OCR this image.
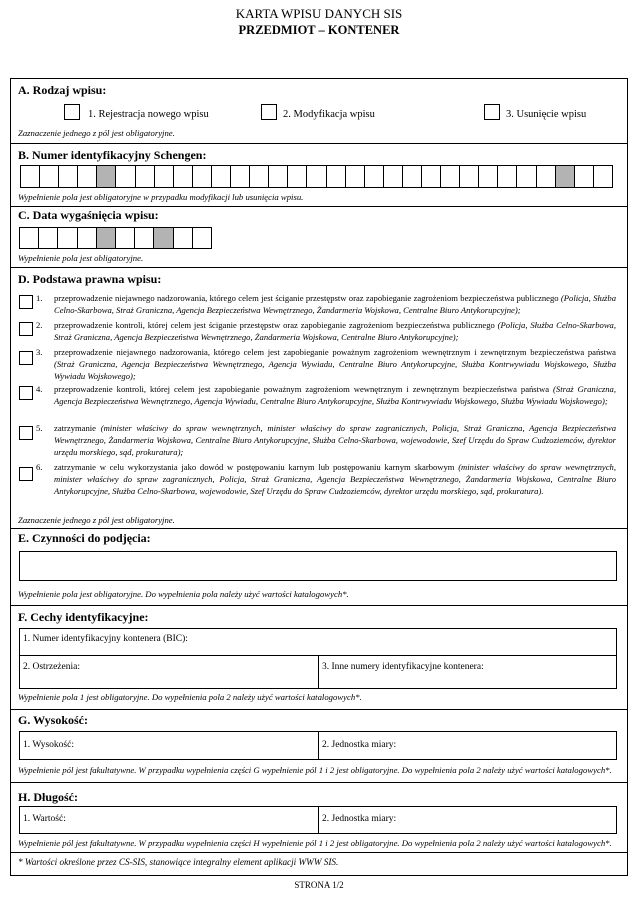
KARTA WPISU DANYCH SIS
PRZEDMIOT – KONTENER
A. Rodzaj wpisu:
1. Rejestracja nowego wpisu	2. Modyfikacja wpisu	3. Usunięcie wpisu
Zaznaczenie jednego z pól jest obligatoryjne.
B. Numer identyfikacyjny Schengen:
Wypełnienie pola jest obligatoryjne w przypadku modyfikacji lub usunięcia wpisu.
C. Data wygaśnięcia wpisu:
Wypełnienie pola jest obligatoryjne.
D. Podstawa prawna wpisu:
1. przeprowadzenie niejawnego nadzorowania, którego celem jest ściganie przestępstw oraz zapobieganie zagrożeniom bezpieczeństwa publicznego (Policja, Służba Celno-Skarbowa, Straż Graniczna, Agencja Bezpieczeństwa Wewnętrznego, Żandarmeria Wojskowa, Centralne Biuro Antykorupcyjne);
2. przeprowadzenie kontroli, której celem jest ściganie przestępstw oraz zapobieganie zagrożeniom bezpieczeństwa publicznego (Policja, Służba Celno-Skarbowa, Straż Graniczna, Agencja Bezpieczeństwa Wewnętrznego, Żandarmeria Wojskowa, Centralne Biuro Antykorupcyjne);
3. przeprowadzenie niejawnego nadzorowania, którego celem jest zapobieganie poważnym zagrożeniom wewnętrznym i zewnętrznym bezpieczeństwa państwa (Straż Graniczna, Agencja Bezpieczeństwa Wewnętrznego, Agencja Wywiadu, Centralne Biuro Antykorupcyjne, Służba Kontrwywiadu Wojskowego, Służba Wywiadu Wojskowego);
4. przeprowadzenie kontroli, której celem jest zapobieganie poważnym zagrożeniom wewnętrznym i zewnętrznym bezpieczeństwa państwa (Straż Graniczna, Agencja Bezpieczeństwa Wewnętrznego, Agencja Wywiadu, Centralne Biuro Antykorupcyjne, Służba Kontrwywiadu Wojskowego, Służba Wywiadu Wojskowego);
5. zatrzymanie (minister właściwy do spraw wewnętrznych, minister właściwy do spraw zagranicznych, Policja, Straż Graniczna, Agencja Bezpieczeństwa Wewnętrznego, Żandarmeria Wojskowa, Centralne Biuro Antykorupcyjne, Służba Celno-Skarbowa, wojewodowie, Szef Urzędu do Spraw Cudzoziemców, dyrektor urzędu morskiego, sąd, prokuratura);
6. zatrzymanie w celu wykorzystania jako dowód w postępowaniu karnym lub postępowaniu karnym skarbowym (minister właściwy do spraw wewnętrznych, minister właściwy do spraw zagranicznych, Policja, Straż Graniczna, Agencja Bezpieczeństwa Wewnętrznego, Żandarmeria Wojskowa, Centralne Biuro Antykorupcyjne, Służba Celno-Skarbowa, wojewodowie, Szef Urzędu do Spraw Cudzoziemców, dyrektor urzędu morskiego, sąd, prokuratura).
Zaznaczenie jednego z pól jest obligatoryjne.
E. Czynności do podjęcia:
Wypełnienie pola jest obligatoryjne. Do wypełnienia pola należy użyć wartości katalogowych*.
F. Cechy identyfikacyjne:
1. Numer identyfikacyjny kontenera (BIC):
2. Ostrzeżenia:	3. Inne numery identyfikacyjne kontenera:
Wypełnienie pola 1 jest obligatoryjne. Do wypełnienia pola 2 należy użyć wartości katalogowych*.
G. Wysokość:
1. Wysokość:	2. Jednostka miary:
Wypełnienie pól jest fakultatywne. W przypadku wypełnienia części G wypełnienie pól 1 i 2 jest obligatoryjne. Do wypełnienia pola 2 należy użyć wartości katalogowych*.
H. Długość:
1. Wartość:	2. Jednostka miary:
Wypełnienie pól jest fakultatywne. W przypadku wypełnienia części H wypełnienie pól 1 i 2 jest obligatoryjne. Do wypełnienia pola 2 należy użyć wartości katalogowych*.
* Wartości określone przez CS-SIS, stanowiące integralny element aplikacji WWW SIS.
STRONA 1/2
